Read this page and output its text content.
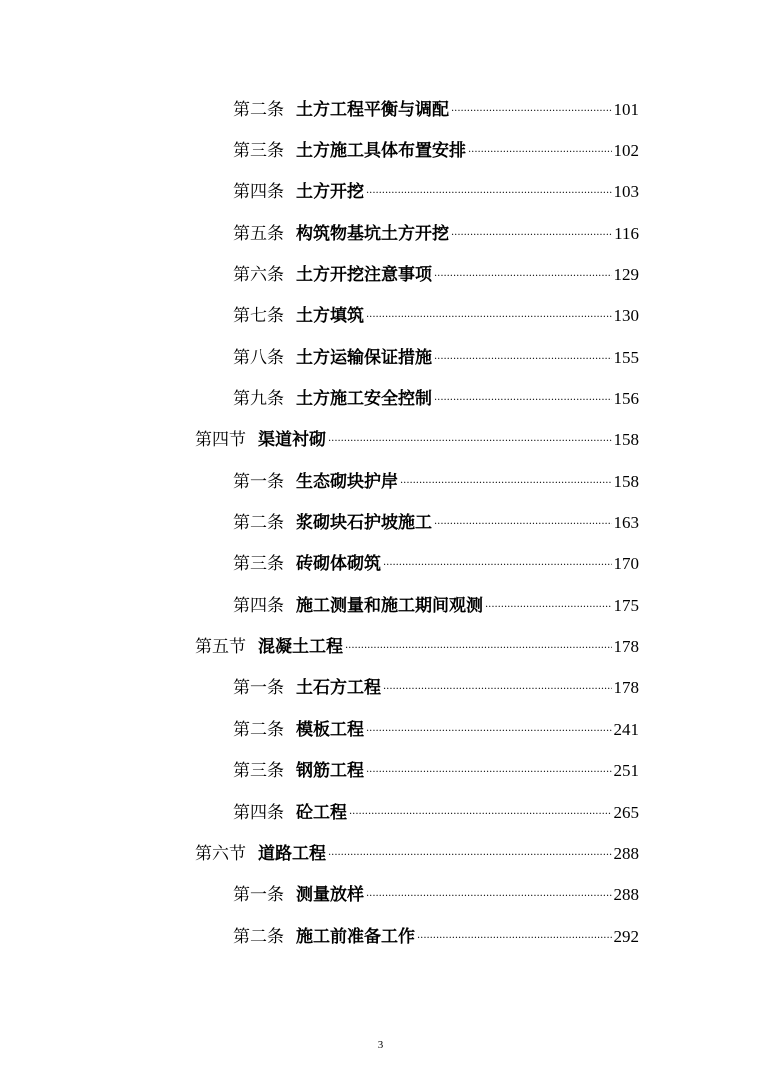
第二条 土方工程平衡与调配 . . .	101
第三条 土方施工具体布置安排 . . .	102
第四条 土方开挖 . . .	103
第五条 构筑物基坑土方开挖 . . .	116
第六条 土方开挖注意事项 . . .	129
第七条 土方填筑 . . .	130
第八条 土方运输保证措施 . . .	155
第九条 土方施工安全控制 . . .	156
第四节 渠道衬砌 . . .	158
第一条 生态砌块护岸 . . .	158
第二条 浆砌块石护坡施工 . . .	163
第三条 砖砌体砌筑 . . .	170
第四条 施工测量和施工期间观测 . . .	175
第五节 混凝土工程 . . .	178
第一条 土石方工程 . . .	178
第二条 模板工程 . . .	241
第三条 钢筋工程 . . .	251
第四条 砼工程 . . .	265
第六节 道路工程 . . .	288
第一条 测量放样 . . .	288
第二条 施工前准备工作 . . .	292
3
